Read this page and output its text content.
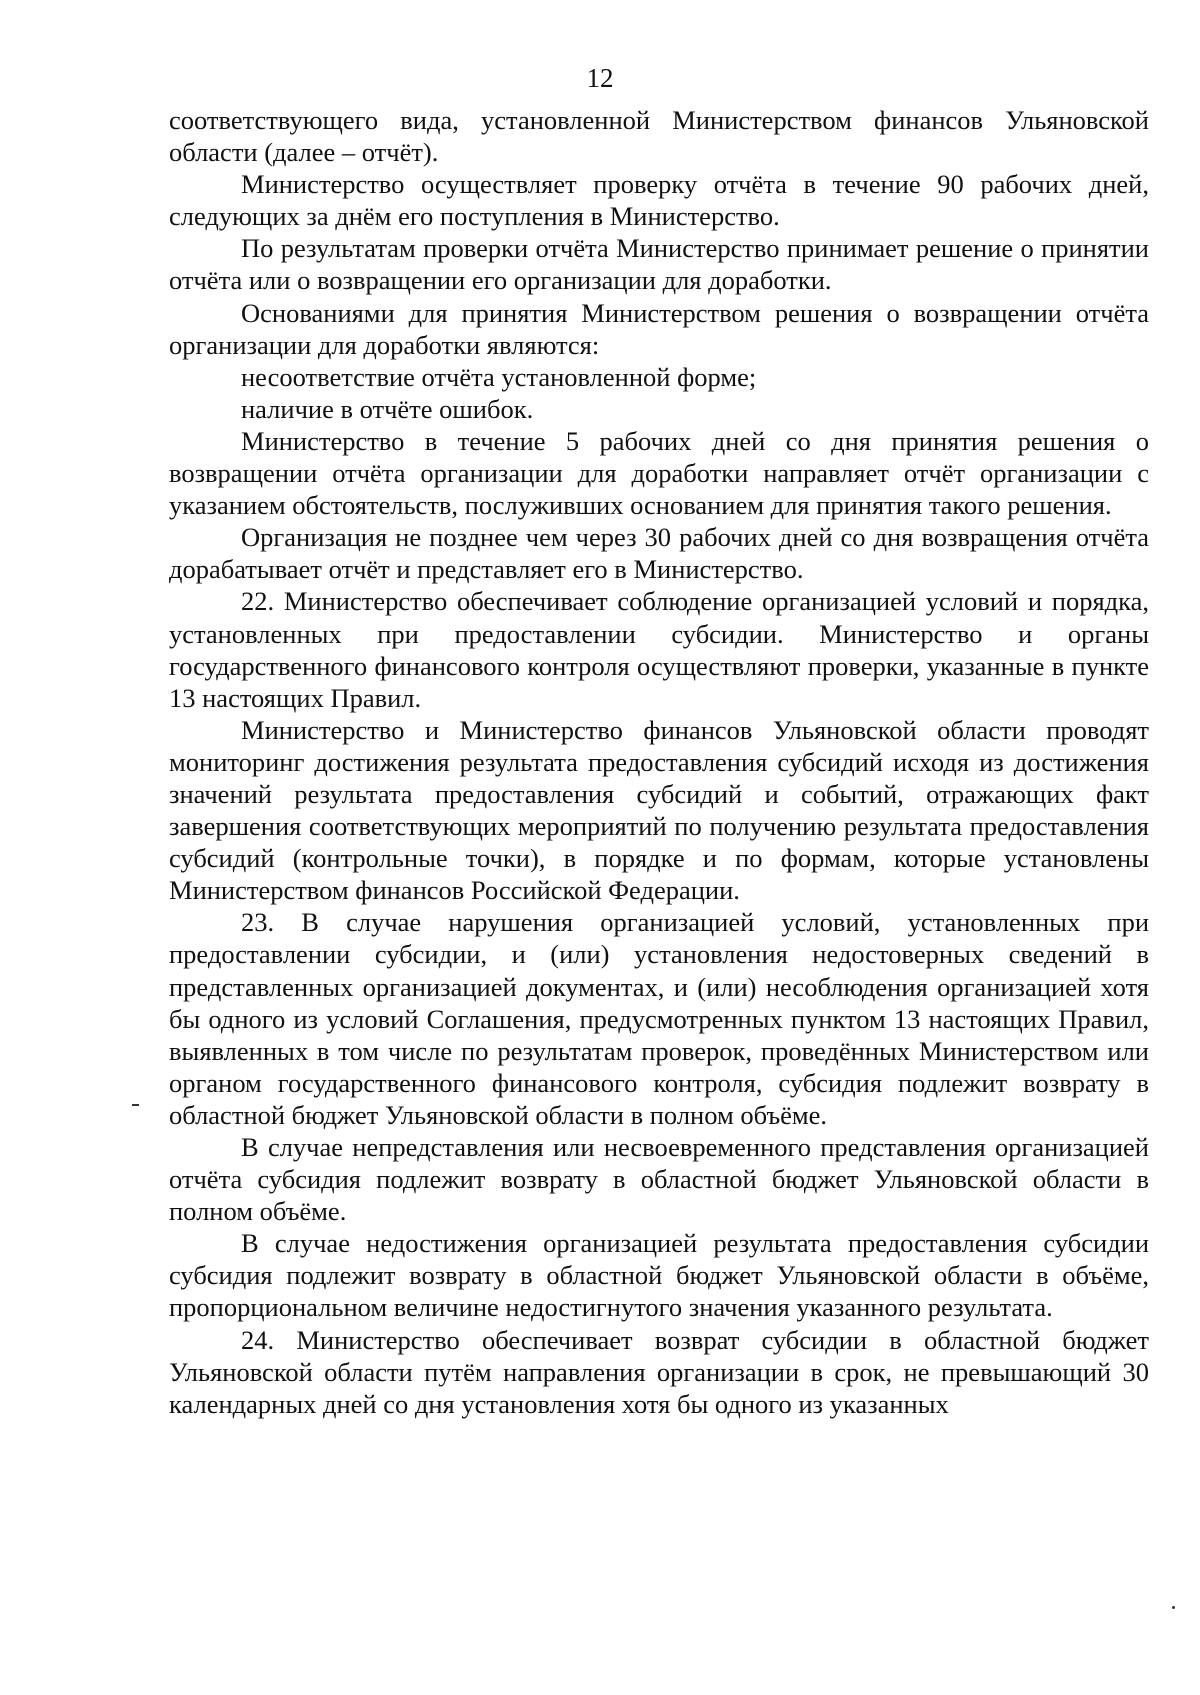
12

соответствующего вида, установленной Министерством финансов Ульяновской области (далее – отчёт).

Министерство осуществляет проверку отчёта в течение 90 рабочих дней, следующих за днём его поступления в Министерство.

По результатам проверки отчёта Министерство принимает решение о принятии отчёта или о возвращении его организации для доработки.

Основаниями для принятия Министерством решения о возвращении отчёта организации для доработки являются:

несоответствие отчёта установленной форме;

наличие в отчёте ошибок.

Министерство в течение 5 рабочих дней со дня принятия решения о возвращении отчёта организации для доработки направляет отчёт организации с указанием обстоятельств, послуживших основанием для принятия такого решения.

Организация не позднее чем через 30 рабочих дней со дня возвращения отчёта дорабатывает отчёт и представляет его в Министерство.

22. Министерство обеспечивает соблюдение организацией условий и порядка, установленных при предоставлении субсидии. Министерство и органы государственного финансового контроля осуществляют проверки, указанные в пункте 13 настоящих Правил.

Министерство и Министерство финансов Ульяновской области проводят мониторинг достижения результата предоставления субсидий исходя из достижения значений результата предоставления субсидий и событий, отражающих факт завершения соответствующих мероприятий по получению результата предоставления субсидий (контрольные точки), в порядке и по формам, которые установлены Министерством финансов Российской Федерации.

23. В случае нарушения организацией условий, установленных при предоставлении субсидии, и (или) установления недостоверных сведений в представленных организацией документах, и (или) несоблюдения организацией хотя бы одного из условий Соглашения, предусмотренных пунктом 13 настоящих Правил, выявленных в том числе по результатам проверок, проведённых Министерством или органом государственного финансового контроля, субсидия подлежит возврату в областной бюджет Ульяновской области в полном объёме.

В случае непредставления или несвоевременного представления организацией отчёта субсидия подлежит возврату в областной бюджет Ульяновской области в полном объёме.

В случае недостижения организацией результата предоставления субсидии субсидия подлежит возврату в областной бюджет Ульяновской области в объёме, пропорциональном величине недостигнутого значения указанного результата.

24. Министерство обеспечивает возврат субсидии в областной бюджет Ульяновской области путём направления организации в срок, не превышающий 30 календарных дней со дня установления хотя бы одного из указанных
